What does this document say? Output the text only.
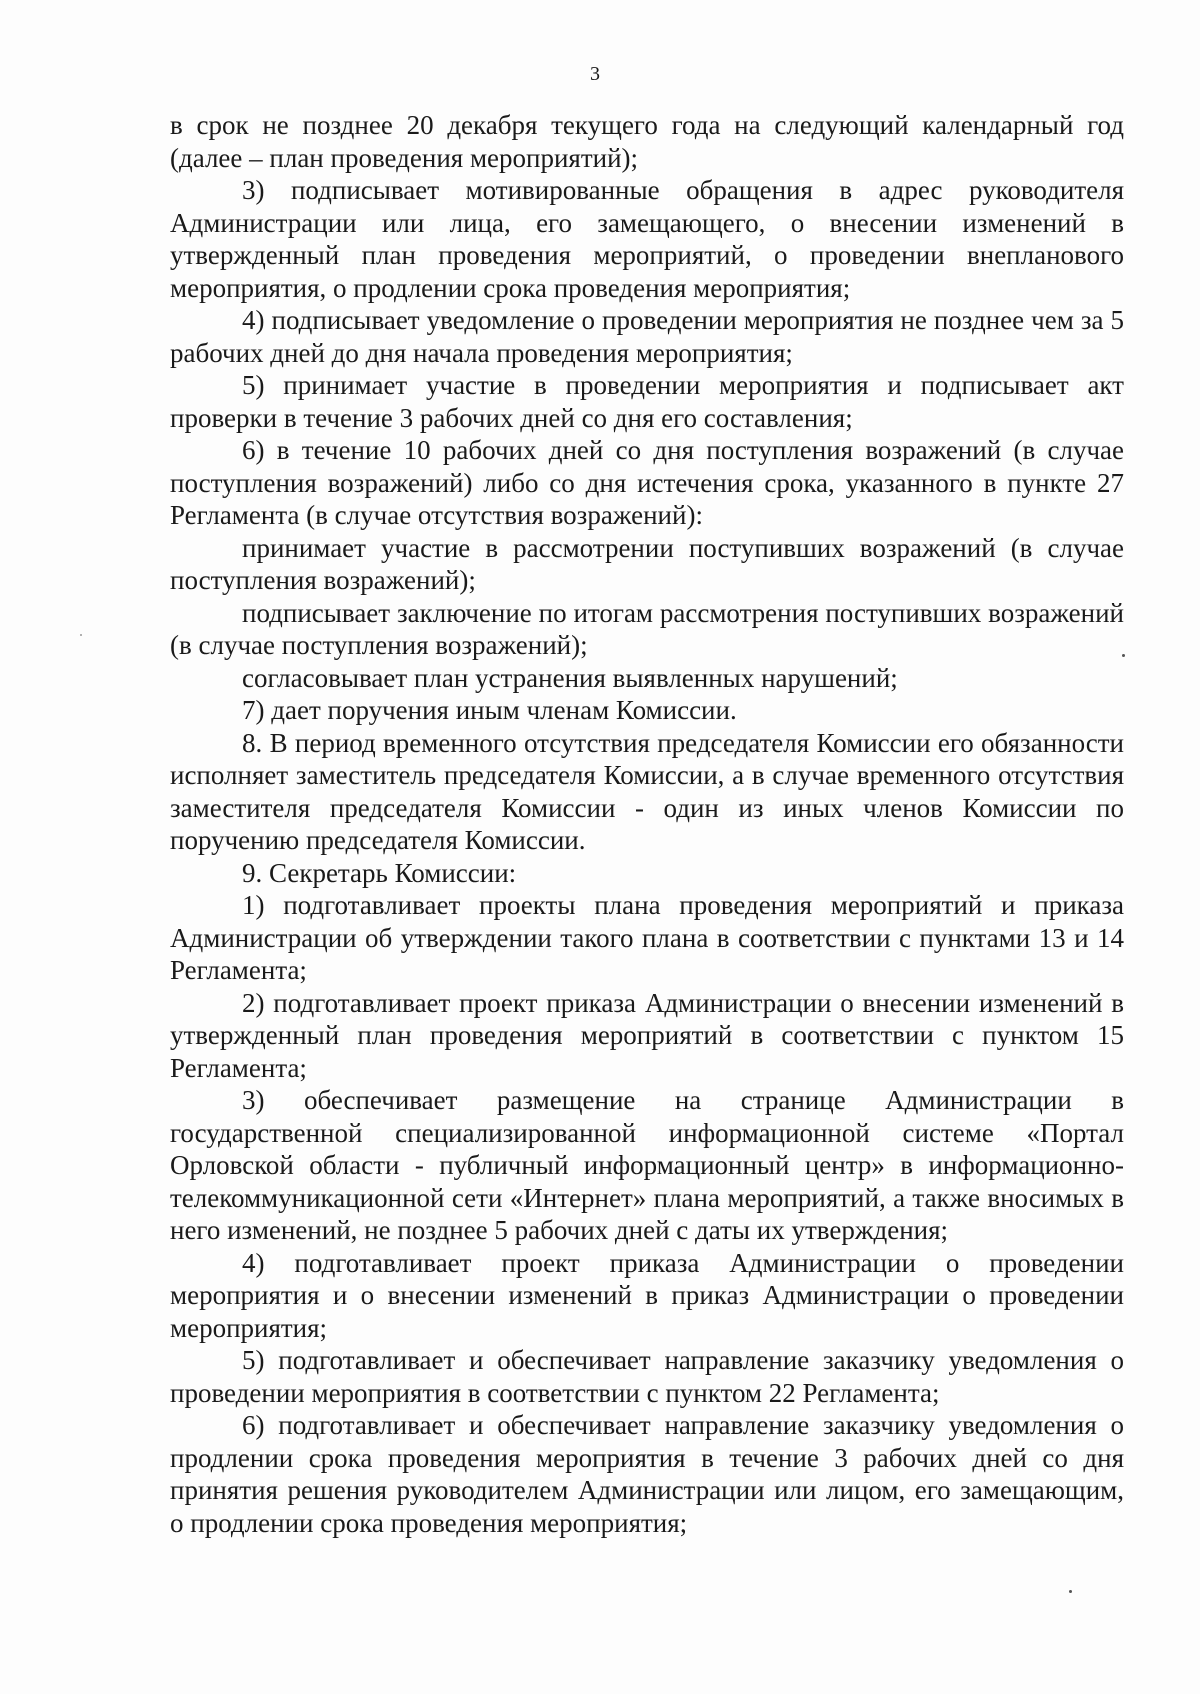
3

в срок не позднее 20 декабря текущего года на следующий календарный год (далее – план проведения мероприятий);

3) подписывает мотивированные обращения в адрес руководителя Администрации или лица, его замещающего, о внесении изменений в утвержденный план проведения мероприятий, о проведении внепланового мероприятия, о продлении срока проведения мероприятия;

4) подписывает уведомление о проведении мероприятия не позднее чем за 5 рабочих дней до дня начала проведения мероприятия;

5) принимает участие в проведении мероприятия и подписывает акт проверки в течение 3 рабочих дней со дня его составления;

6) в течение 10 рабочих дней со дня поступления возражений (в случае поступления возражений) либо со дня истечения срока, указанного в пункте 27 Регламента (в случае отсутствия возражений):

принимает участие в рассмотрении поступивших возражений (в случае поступления возражений);

подписывает заключение по итогам рассмотрения поступивших возражений (в случае поступления возражений);

согласовывает план устранения выявленных нарушений;

7) дает поручения иным членам Комиссии.

8. В период временного отсутствия председателя Комиссии его обязанности исполняет заместитель председателя Комиссии, а в случае временного отсутствия заместителя председателя Комиссии - один из иных членов Комиссии по поручению председателя Комиссии.

9. Секретарь Комиссии:

1) подготавливает проекты плана проведения мероприятий и приказа Администрации об утверждении такого плана в соответствии с пунктами 13 и 14 Регламента;

2) подготавливает проект приказа Администрации о внесении изменений в утвержденный план проведения мероприятий в соответствии с пунктом 15 Регламента;

3) обеспечивает размещение на странице Администрации в государственной специализированной информационной системе «Портал Орловской области - публичный информационный центр» в информационно-телекоммуникационной сети «Интернет» плана мероприятий, а также вносимых в него изменений, не позднее 5 рабочих дней с даты их утверждения;

4) подготавливает проект приказа Администрации о проведении мероприятия и о внесении изменений в приказ Администрации о проведении мероприятия;

5) подготавливает и обеспечивает направление заказчику уведомления о проведении мероприятия в соответствии с пунктом 22 Регламента;

6) подготавливает и обеспечивает направление заказчику уведомления о продлении срока проведения мероприятия в течение 3 рабочих дней со дня принятия решения руководителем Администрации или лицом, его замещающим, о продлении срока проведения мероприятия;
